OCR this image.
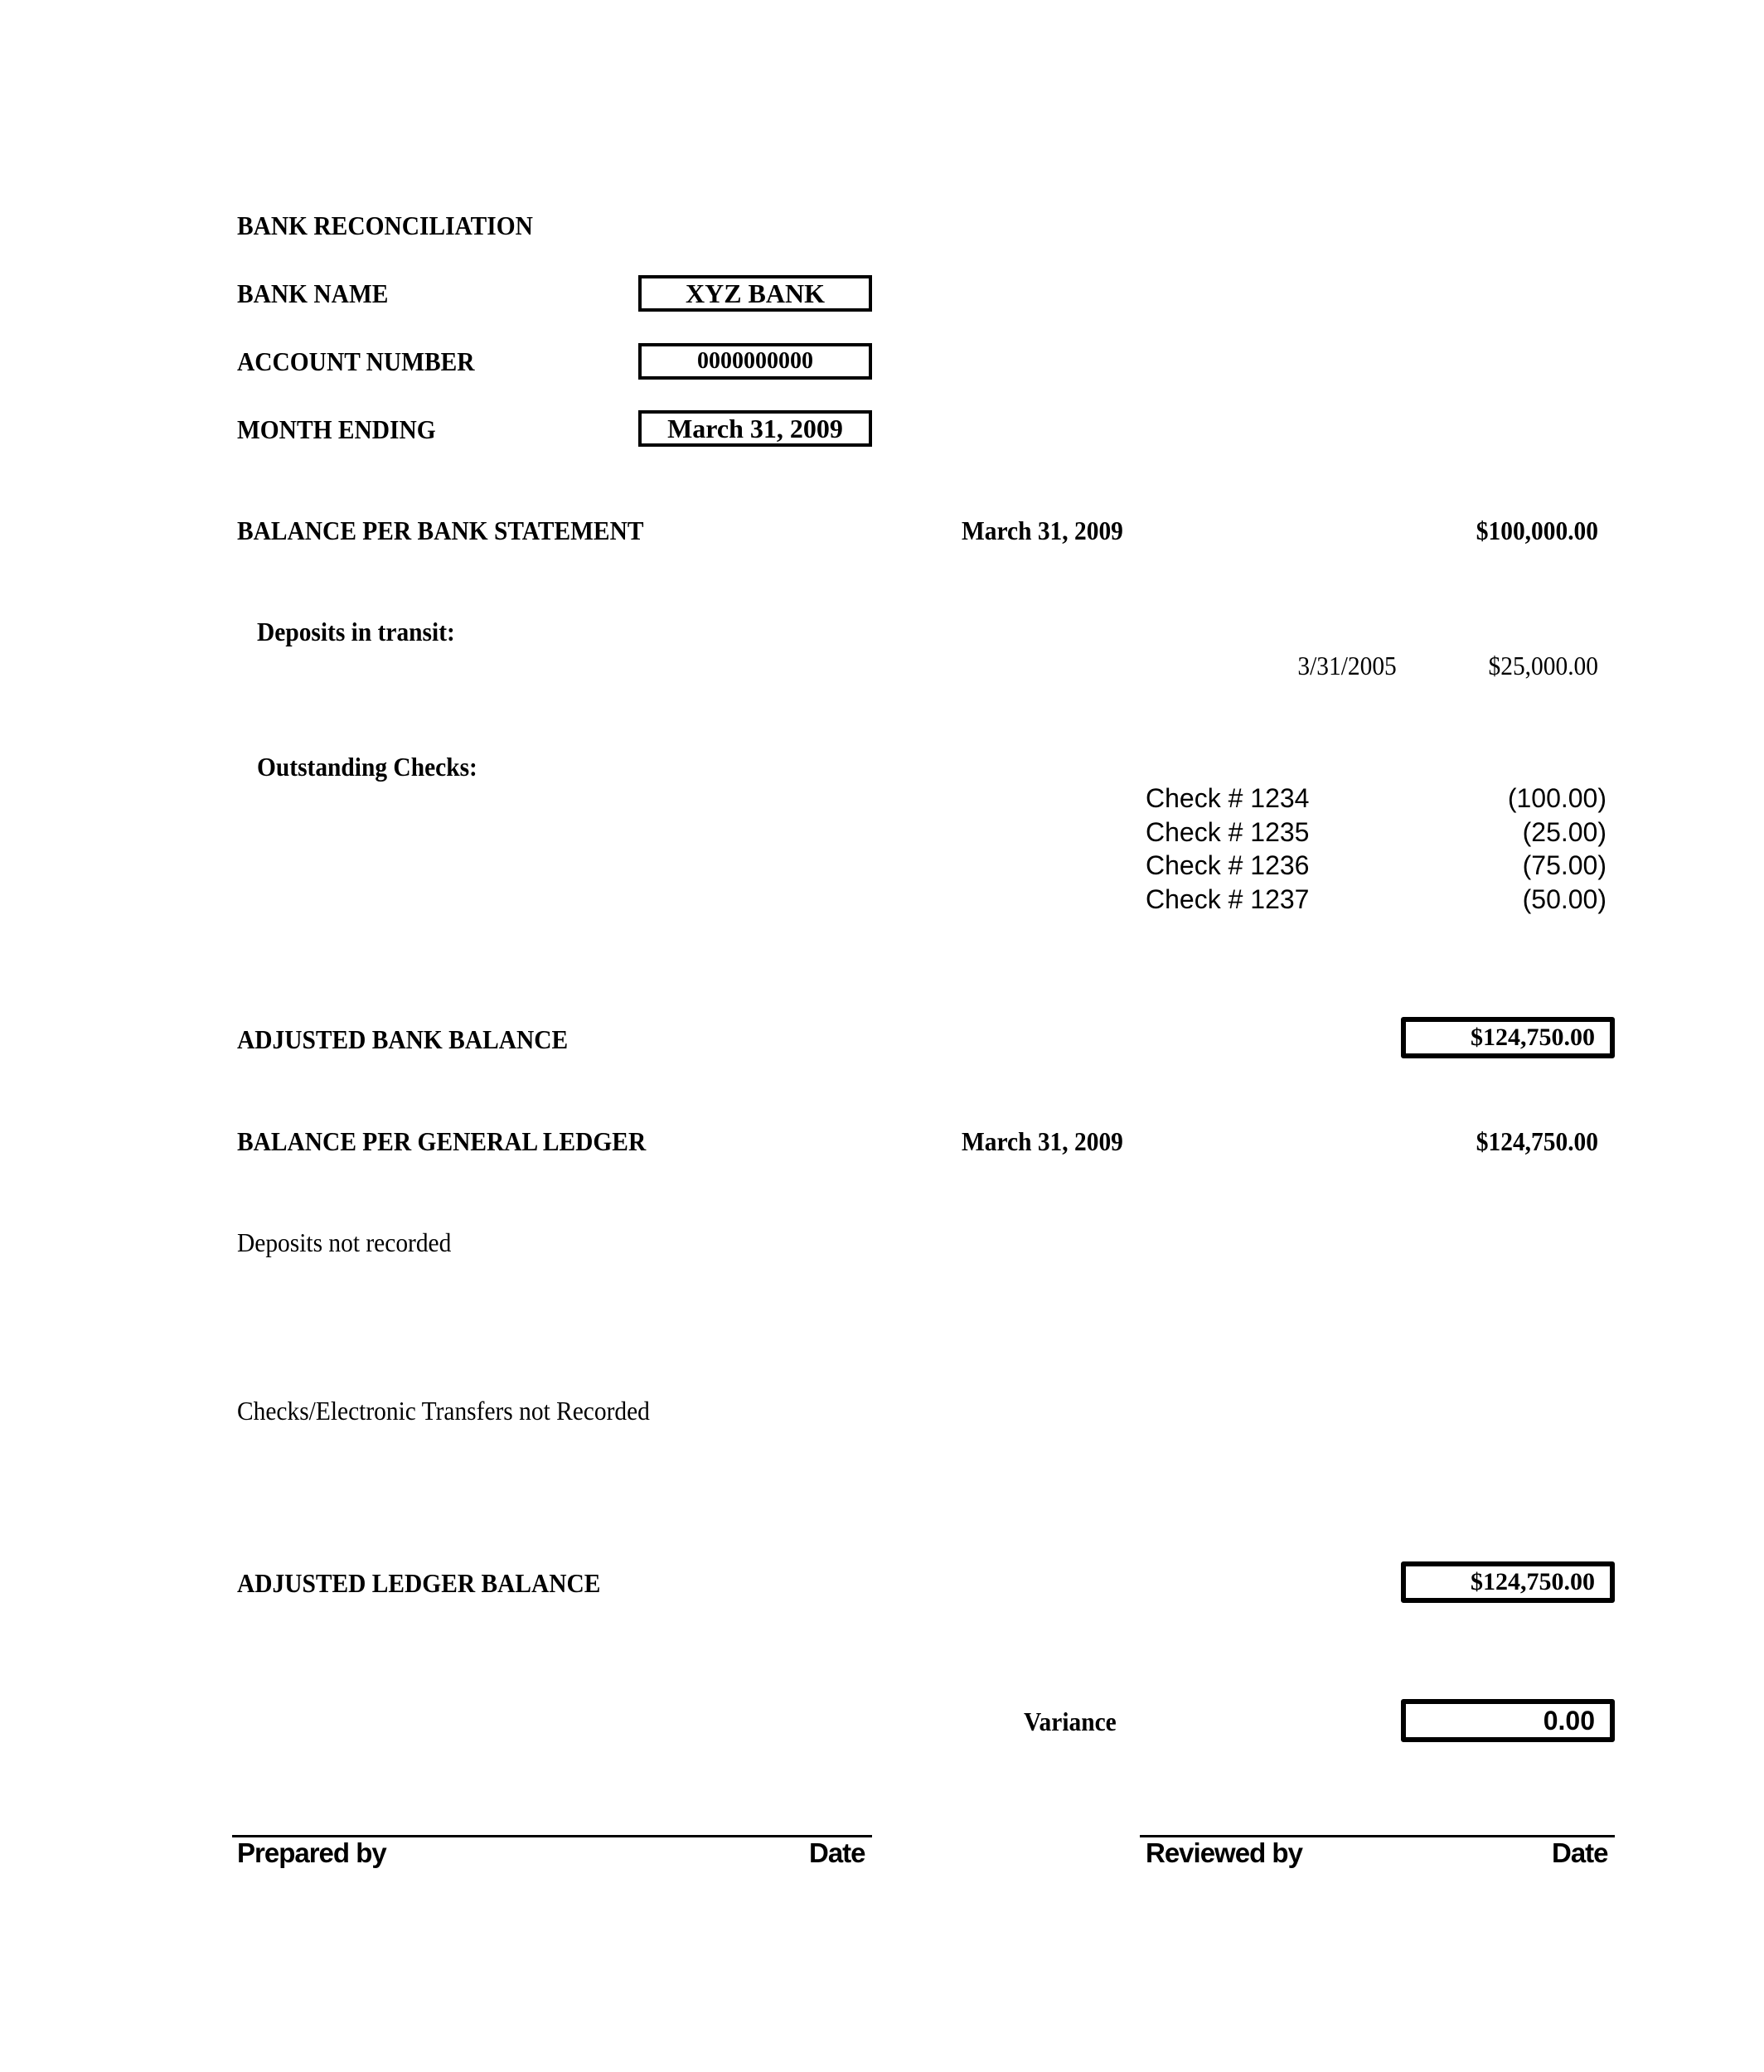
BANK RECONCILIATION
BANK NAME	XYZ BANK
ACCOUNT NUMBER	0000000000
MONTH ENDING	March 31, 2009
BALANCE PER BANK STATEMENT	March 31, 2009	$100,000.00
Deposits in transit:
3/31/2005	$25,000.00
Outstanding Checks:
Check # 1234	(100.00)
Check # 1235	(25.00)
Check # 1236	(75.00)
Check # 1237	(50.00)
ADJUSTED BANK BALANCE	$124,750.00
BALANCE PER GENERAL LEDGER	March 31, 2009	$124,750.00
Deposits not recorded
Checks/Electronic Transfers not Recorded
ADJUSTED LEDGER BALANCE	$124,750.00
Variance	0.00
Prepared by	Date	Reviewed by	Date
